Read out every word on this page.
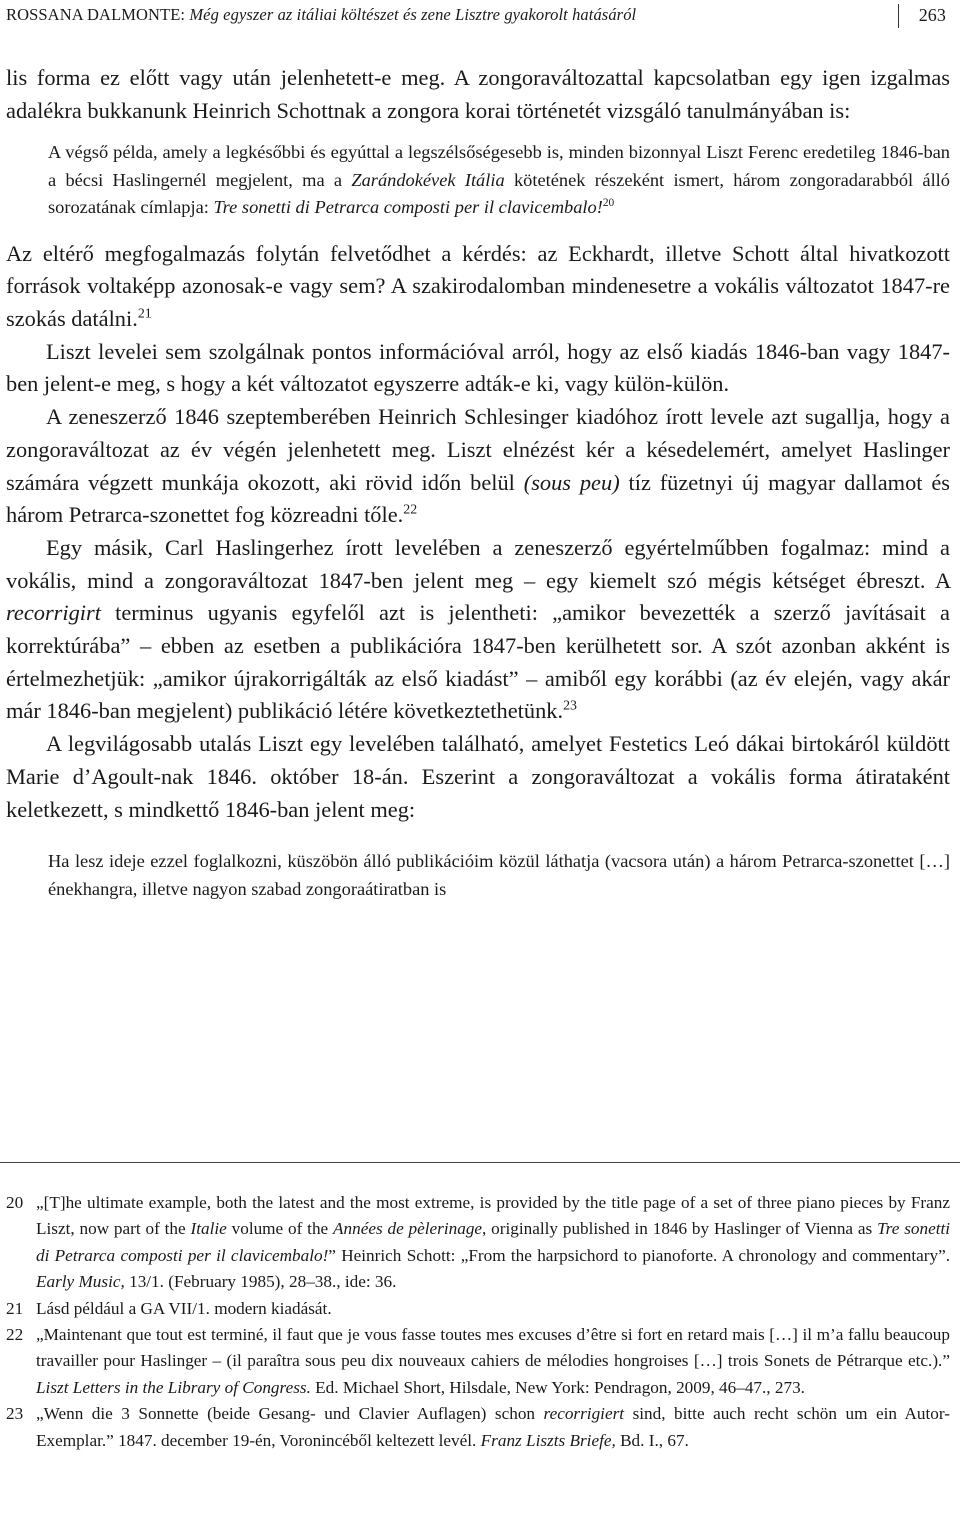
ROSSANA DALMONTE: Még egyszer az itáliai költészet és zene Lisztre gyakorolt hatásáról	263

lis forma ez előtt vagy után jelenhetett-e meg. A zongoraváltozattal kapcsolatban egy igen izgalmas adalékra bukkanunk Heinrich Schottnak a zongora korai történetét vizsgáló tanulmányában is:

A végső példa, amely a legkésőbbi és egyúttal a legszélsőségesebb is, minden bizonnyal Liszt Ferenc eredetileg 1846-ban a bécsi Haslingernél megjelent, ma a Zarándokévek Itália kötetének részeként ismert, három zongoradarabból álló sorozatának címlapja: Tre sonetti di Petrarca composti per il clavicembalo!$^{20}$

Az eltérő megfogalmazás folytán felvetődhet a kérdés: az Eckhardt, illetve Schott által hivatkozott források voltaképp azonosak-e vagy sem? A szakirodalomban mindenesetre a vokális változatot 1847-re szokás datálni.$^{21}$

Liszt levelei sem szolgálnak pontos információval arról, hogy az első kiadás 1846-ban vagy 1847-ben jelent-e meg, s hogy a két változatot egyszerre adták-e ki, vagy külön-külön.

A zeneszerző 1846 szeptemberében Heinrich Schlesinger kiadóhoz írott levele azt sugallja, hogy a zongoraváltozat az év végén jelenhetett meg. Liszt elnézést kér a késedelemért, amelyet Haslinger számára végzett munkája okozott, aki rövid időn belül (sous peu) tíz füzetnyi új magyar dallamot és három Petrarca-szonettet fog közreadni tőle.$^{22}$

Egy másik, Carl Haslingerhez írott levelében a zeneszerző egyértelműbben fogalmaz: mind a vokális, mind a zongoraváltozat 1847-ben jelent meg – egy kiemelt szó mégis kétséget ébreszt. A recorrigirt terminus ugyanis egyfelől azt is jelentheti: „amikor bevezették a szerző javításait a korrektúrába” – ebben az esetben a publikációra 1847-ben kerülhetett sor. A szót azonban akként is értelmezhetjük: „amikor újrakorrigálták az első kiadást” – amiből egy korábbi (az év elején, vagy akár már 1846-ban megjelent) publikáció létére következtethetünk.$^{23}$

A legvilágosabb utalás Liszt egy levelében található, amelyet Festetics Leó dákai birtokáról küldött Marie d’Agoult-nak 1846. október 18-án. Eszerint a zongoraváltozat a vokális forma átirataként keletkezett, s mindkettő 1846-ban jelent meg:

Ha lesz ideje ezzel foglalkozni, küszöbön álló publikációim közül láthatja (vacsora után) a három Petrarca-szonettet […] énekhangra, illetve nagyon szabad zongoraátiratban is

20 „[T]he ultimate example, both the latest and the most extreme, is provided by the title page of a set of three piano pieces by Franz Liszt, now part of the Italie volume of the Années de pèlerinage, originally published in 1846 by Haslinger of Vienna as Tre sonetti di Petrarca composti per il clavicembalo!” Heinrich Schott: „From the harpsichord to pianoforte. A chronology and commentary”. Early Music, 13/1. (February 1985), 28–38., ide: 36.

21 Lásd például a GA VII/1. modern kiadását.

22 „Maintenant que tout est terminé, il faut que je vous fasse toutes mes excuses d’être si fort en retard mais […] il m’a fallu beaucoup travailler pour Haslinger – (il paraîtra sous peu dix nouveaux cahiers de mélodies hongroises […] trois Sonets de Pétrarque etc.).” Liszt Letters in the Library of Congress. Ed. Michael Short, Hilsdale, New York: Pendragon, 2009, 46–47., 273.

23 „Wenn die 3 Sonnette (beide Gesang- und Clavier Auflagen) schon recorrigiert sind, bitte auch recht schön um ein Autor-Exemplar.” 1847. december 19-én, Voronincéből keltezett levél. Franz Liszts Briefe, Bd. I., 67.
